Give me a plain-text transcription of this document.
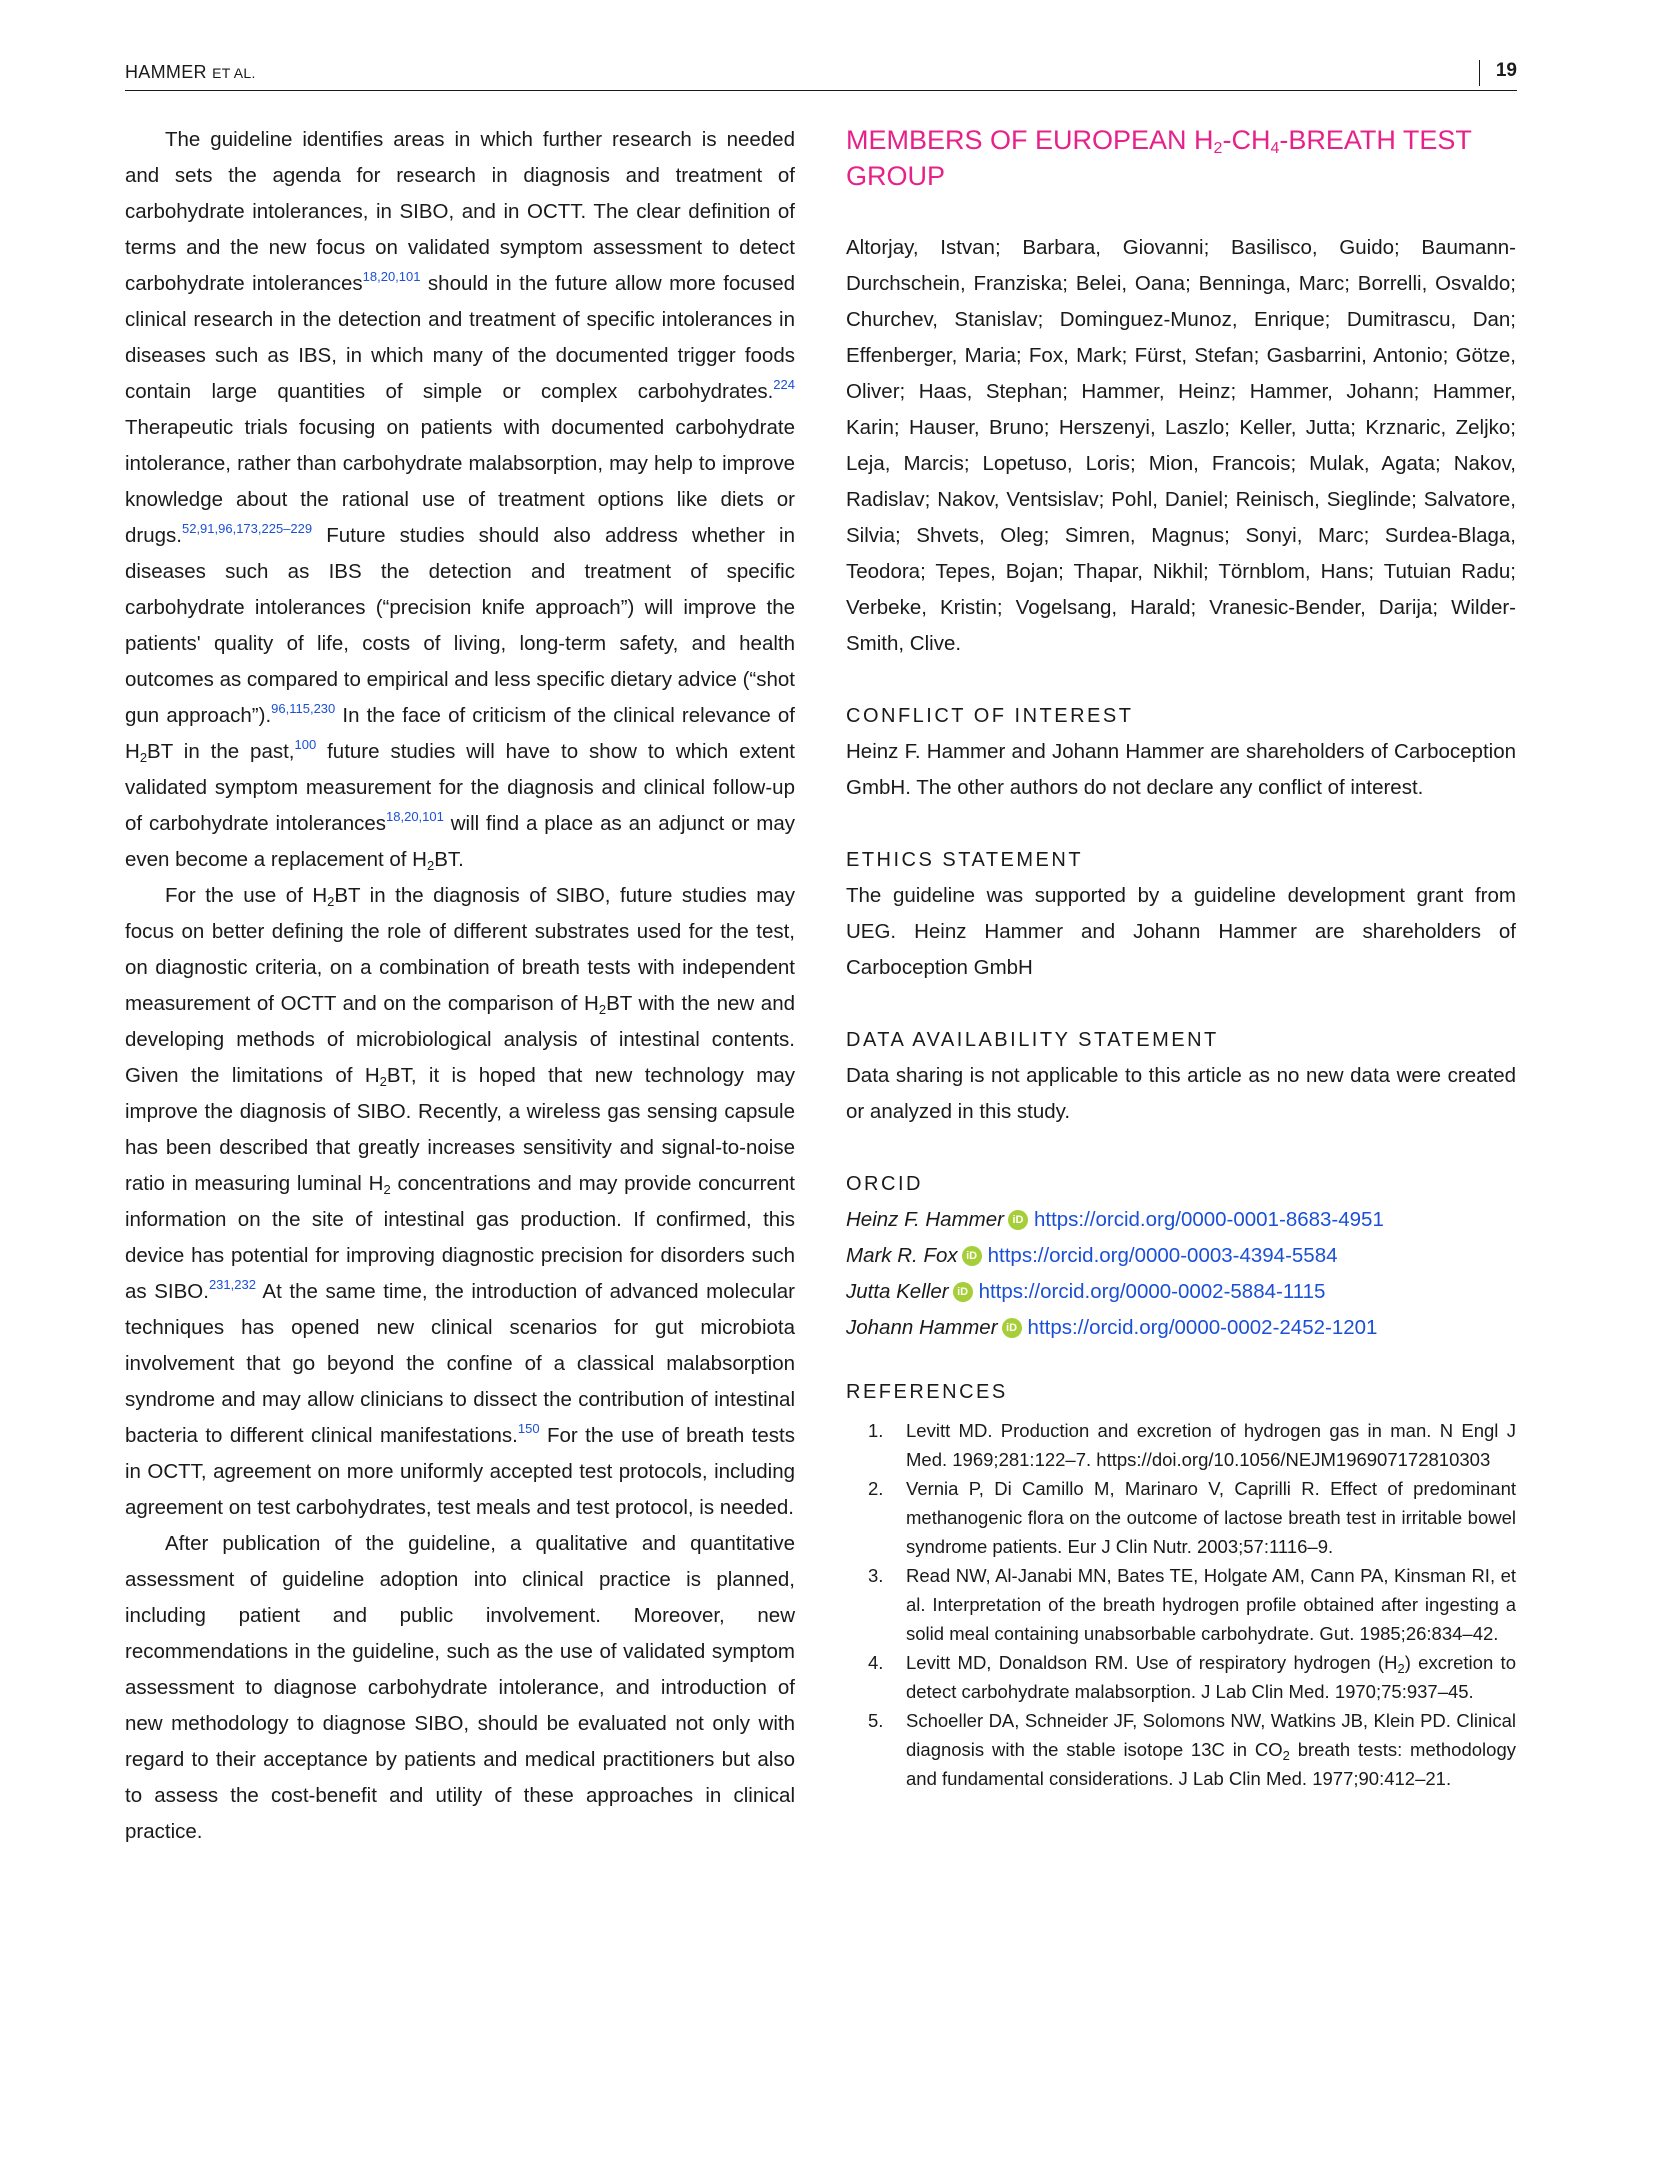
HAMMER ET AL.	19

The guideline identifies areas in which further research is needed and sets the agenda for research in diagnosis and treatment of carbohydrate intolerances, in SIBO, and in OCTT. The clear definition of terms and the new focus on validated symptom assessment to detect carbohydrate intolerances$^{18,20,101}$ should in the future allow more focused clinical research in the detection and treatment of specific intolerances in diseases such as IBS, in which many of the documented trigger foods contain large quantities of simple or complex carbohydrates.$^{224}$ Therapeutic trials focusing on patients with documented carbohydrate intolerance, rather than carbohydrate malabsorption, may help to improve knowledge about the rational use of treatment options like diets or drugs.$^{52,91,96,173,225-229}$ Future studies should also address whether in diseases such as IBS the detection and treatment of specific carbohydrate intolerances (“precision knife approach”) will improve the patients' quality of life, costs of living, long-term safety, and health outcomes as compared to empirical and less specific dietary advice (“shot gun approach”).$^{96,115,230}$ In the face of criticism of the clinical relevance of $H_2BT$ in the past,$^{100}$ future studies will have to show to which extent validated symptom measurement for the diagnosis and clinical follow-up of carbohydrate intolerances$^{18,20,101}$ will find a place as an adjunct or may even become a replacement of $H_2BT$.

For the use of $H_2BT$ in the diagnosis of SIBO, future studies may focus on better defining the role of different substrates used for the test, on diagnostic criteria, on a combination of breath tests with independent measurement of OCTT and on the comparison of $H_2BT$ with the new and developing methods of microbiological analysis of intestinal contents. Given the limitations of $H_2BT$, it is hoped that new technology may improve the diagnosis of SIBO. Recently, a wireless gas sensing capsule has been described that greatly increases sensitivity and signal-to-noise ratio in measuring luminal $H_2$ concentrations and may provide concurrent information on the site of intestinal gas production. If confirmed, this device has potential for improving diagnostic precision for disorders such as SIBO.$^{231,232}$ At the same time, the introduction of advanced molecular techniques has opened new clinical scenarios for gut microbiota involvement that go beyond the confine of a classical malabsorption syndrome and may allow clinicians to dissect the contribution of intestinal bacteria to different clinical manifestations.$^{150}$ For the use of breath tests in OCTT, agreement on more uniformly accepted test protocols, including agreement on test carbohydrates, test meals and test protocol, is needed.

After publication of the guideline, a qualitative and quantitative assessment of guideline adoption into clinical practice is planned, including patient and public involvement. Moreover, new recommendations in the guideline, such as the use of validated symptom assessment to diagnose carbohydrate intolerance, and introduction of new methodology to diagnose SIBO, should be evaluated not only with regard to their acceptance by patients and medical practitioners but also to assess the cost-benefit and utility of these approaches in clinical practice.

MEMBERS OF EUROPEAN $H_2-CH_4$-BREATH TEST GROUP

Altorjay, Istvan; Barbara, Giovanni; Basilisco, Guido; Baumann-Durchschein, Franziska; Belei, Oana; Benninga, Marc; Borrelli, Osvaldo; Churchev, Stanislav; Dominguez-Munoz, Enrique; Dumitrascu, Dan; Effenberger, Maria; Fox, Mark; Fürst, Stefan; Gasbarrini, Antonio; Götze, Oliver; Haas, Stephan; Hammer, Heinz; Hammer, Johann; Hammer, Karin; Hauser, Bruno; Herszenyi, Laszlo; Keller, Jutta; Krznaric, Zeljko; Leja, Marcis; Lopetuso, Loris; Mion, Francois; Mulak, Agata; Nakov, Radislav; Nakov, Ventsislav; Pohl, Daniel; Reinisch, Sieglinde; Salvatore, Silvia; Shvets, Oleg; Simren, Magnus; Sonyi, Marc; Surdea-Blaga, Teodora; Tepes, Bojan; Thapar, Nikhil; Törnblom, Hans; Tutuian Radu; Verbeke, Kristin; Vogelsang, Harald; Vranesic-Bender, Darija; Wilder-Smith, Clive.

CONFLICT OF INTEREST

Heinz F. Hammer and Johann Hammer are shareholders of Carboception GmbH. The other authors do not declare any conflict of interest.

ETHICS STATEMENT

The guideline was supported by a guideline development grant from UEG. Heinz Hammer and Johann Hammer are shareholders of Carboception GmbH

DATA AVAILABILITY STATEMENT

Data sharing is not applicable to this article as no new data were created or analyzed in this study.

ORCID
Heinz F. Hammer iD https://orcid.org/0000-0001-8683-4951
Mark R. Fox iD https://orcid.org/0000-0003-4394-5584
Jutta Keller iD https://orcid.org/0000-0002-5884-1115
Johann Hammer iD https://orcid.org/0000-0002-2452-1201
REFERENCES
1. Levitt MD. Production and excretion of hydrogen gas in man. N Engl J Med. 1969;281:122–7. https://doi.org/10.1056/NEJM196907172810303
2. Vernia P, Di Camillo M, Marinaro V, Caprilli R. Effect of predominant methanogenic flora on the outcome of lactose breath test in irritable bowel syndrome patients. Eur J Clin Nutr. 2003;57:1116–9.
3. Read NW, Al-Janabi MN, Bates TE, Holgate AM, Cann PA, Kinsman RI, et al. Interpretation of the breath hydrogen profile obtained after ingesting a solid meal containing unabsorbable carbohydrate. Gut. 1985;26:834–42.
4. Levitt MD, Donaldson RM. Use of respiratory hydrogen $(H_2)$ excretion to detect carbohydrate malabsorption. J Lab Clin Med. 1970;75:937–45.
5. Schoeller DA, Schneider JF, Solomons NW, Watkins JB, Klein PD. Clinical diagnosis with the stable isotope 13C in $CO_2$ breath tests: methodology and fundamental considerations. J Lab Clin Med. 1977;90:412–21.
